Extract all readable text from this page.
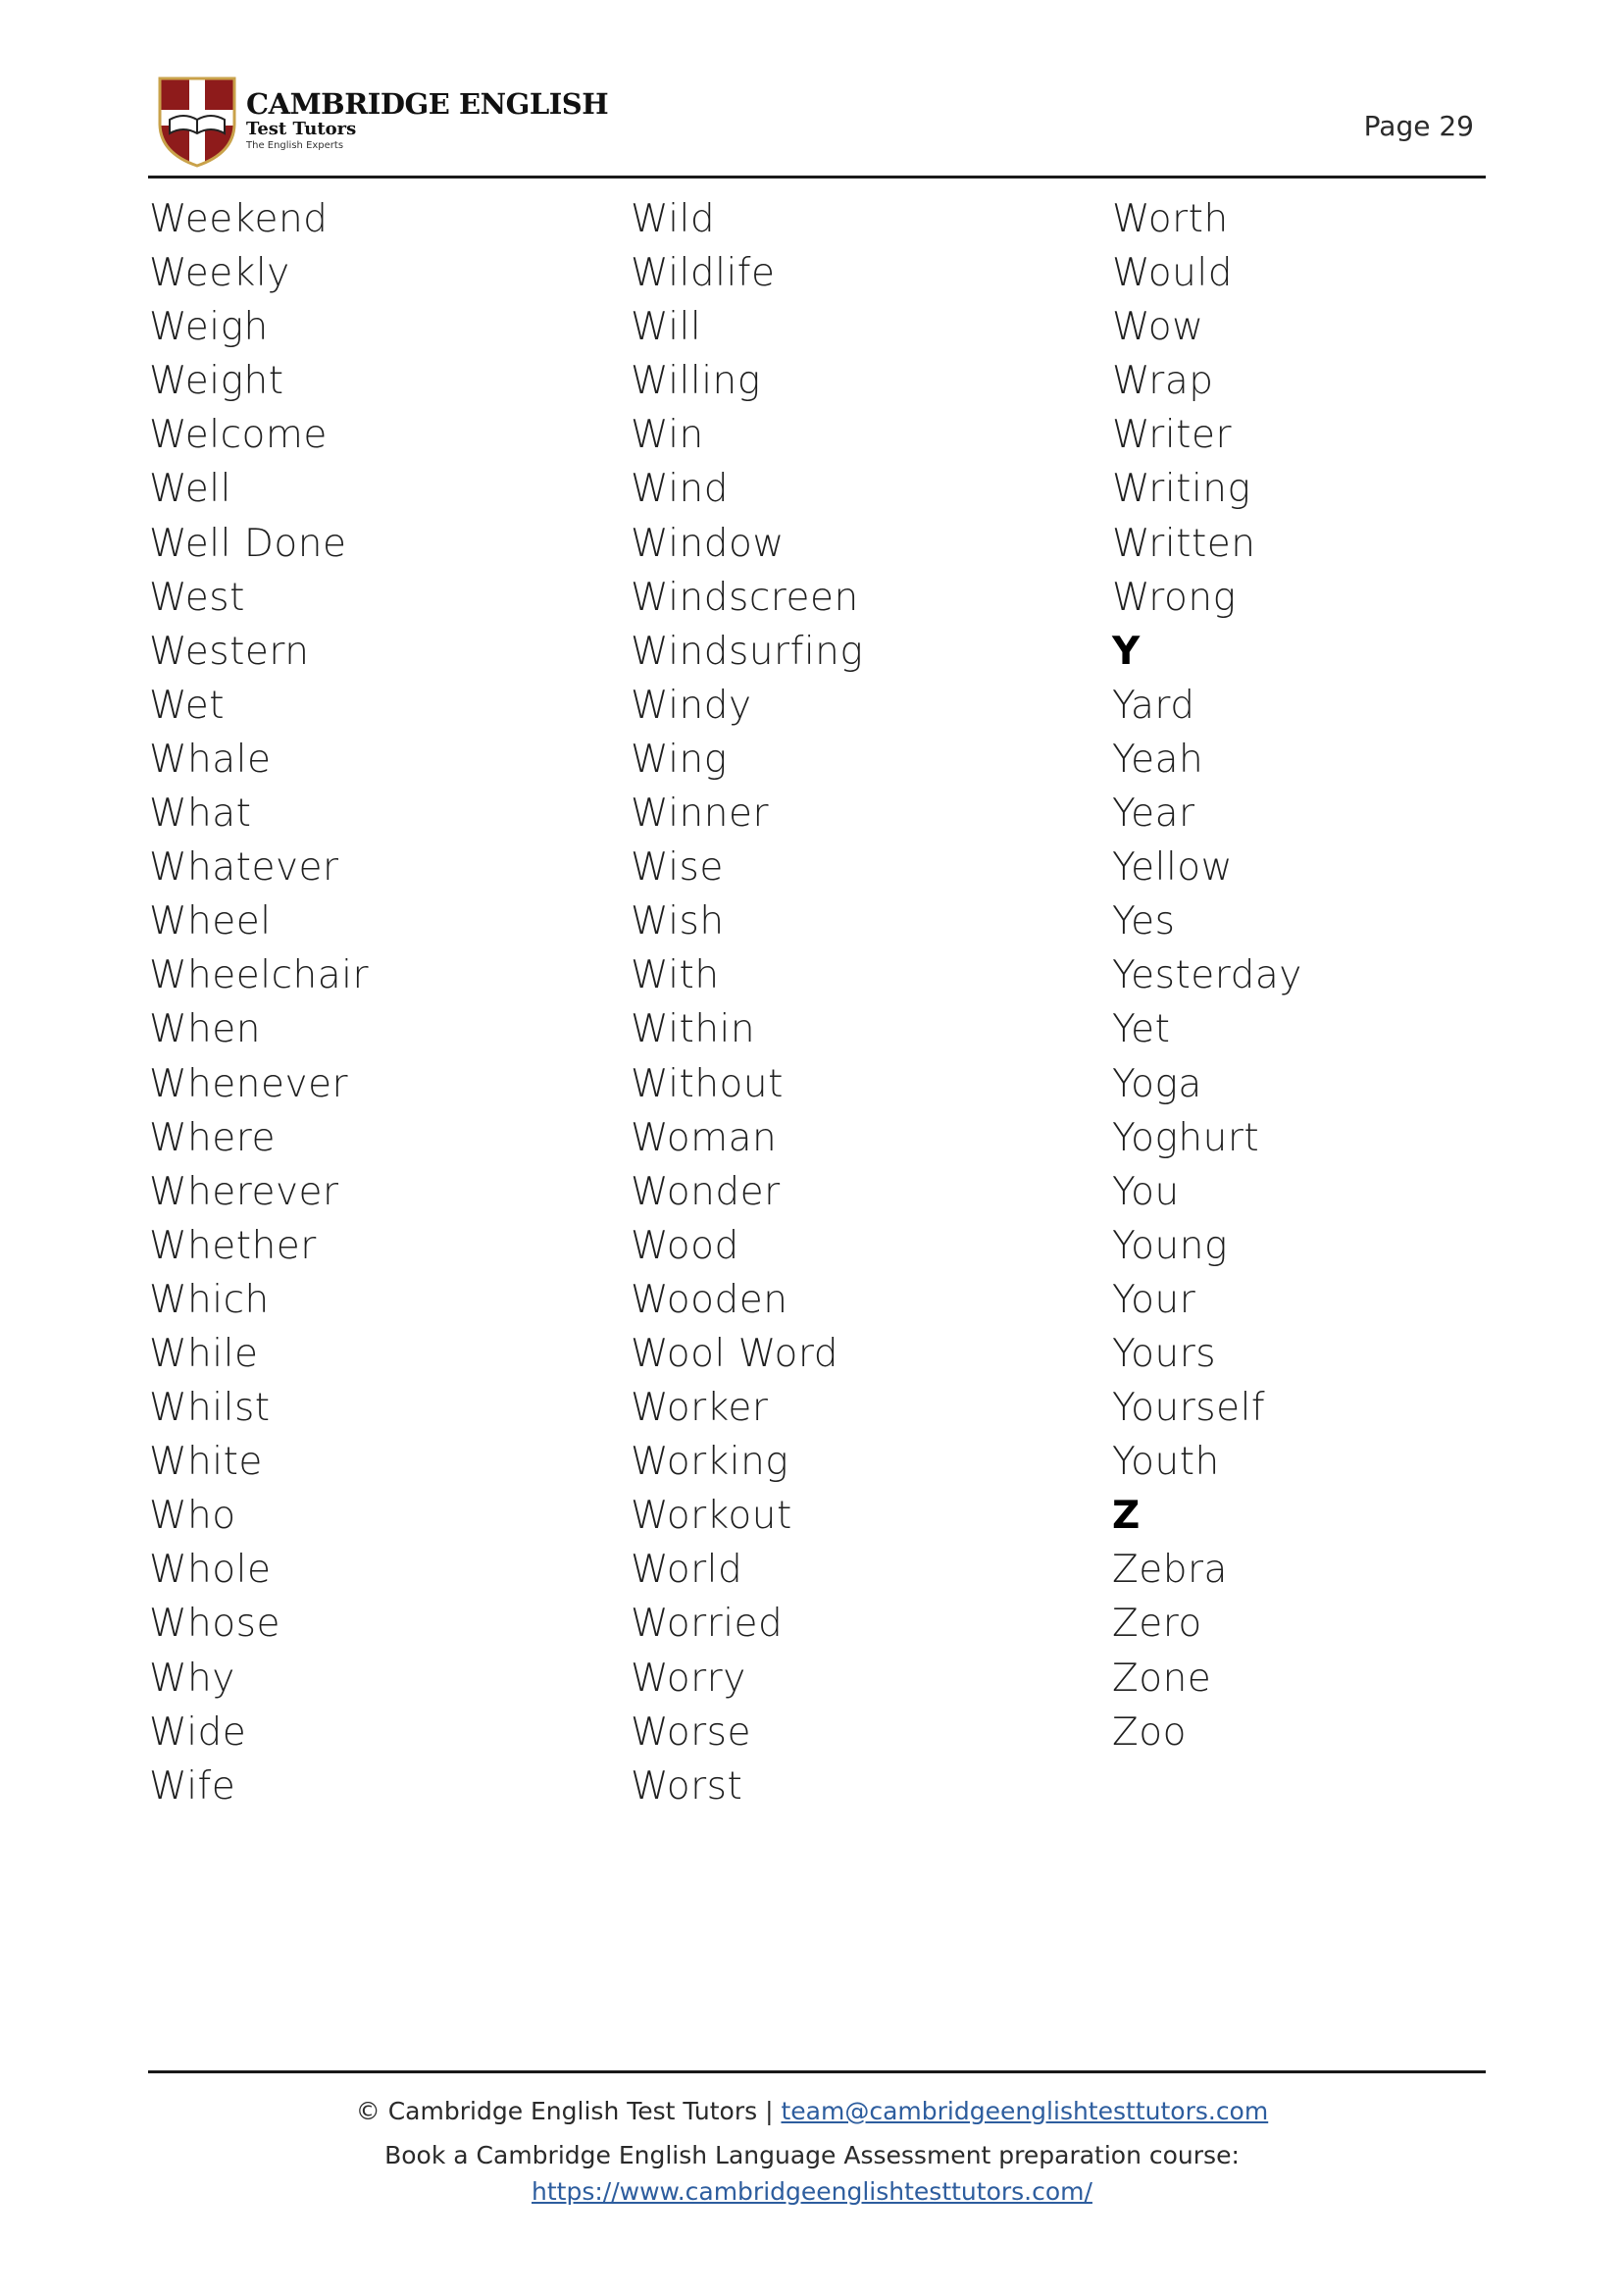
CAMBRIDGE ENGLISH
Test Tutors
The English Experts
Page 29
Weekend
Weekly
Weigh
Weight
Welcome
Well
Well Done
West
Western
Wet
Whale
What
Whatever
Wheel
Wheelchair
When
Whenever
Where
Wherever
Whether
Which
While
Whilst
White
Who
Whole
Whose
Why
Wide
Wife
Wild
Wildlife
Will
Willing
Win
Wind
Window
Windscreen
Windsurfing
Windy
Wing
Winner
Wise
Wish
With
Within
Without
Woman
Wonder
Wood
Wooden
Wool Word
Worker
Working
Workout
World
Worried
Worry
Worse
Worst
Worth
Would
Wow
Wrap
Writer
Writing
Written
Wrong
Y
Yard
Yeah
Year
Yellow
Yes
Yesterday
Yet
Yoga
Yoghurt
You
Young
Your
Yours
Yourself
Youth
Z
Zebra
Zero
Zone
Zoo
© Cambridge English Test Tutors | team@cambridgeenglishtesttutors.com
Book a Cambridge English Language Assessment preparation course:
https://www.cambridgeenglishtesttutors.com/
